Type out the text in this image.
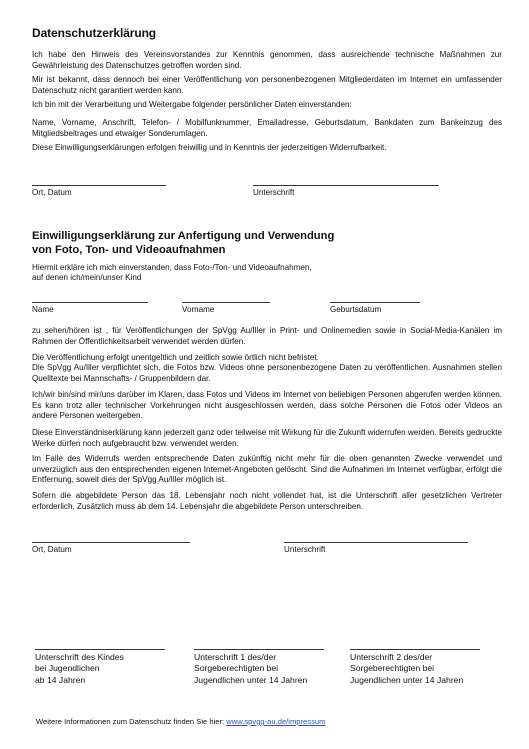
Datenschutzerklärung

Ich habe den Hinweis des Vereinsvorstandes zur Kenntnis genommen, dass ausreichende technische Maßnahmen zur Gewährleistung des Datenschutzes getroffen worden sind.

Mir ist bekannt, dass dennoch bei einer Veröffentlichung von personenbezogenen Mitgliederdaten im Internet ein umfassender Datenschutz nicht garantiert werden kann.

Ich bin mit der Verarbeitung und Weitergabe folgender persönlicher Daten einverstanden:

Name, Vorname, Anschrift, Telefon- / Mobilfunknummer, Emailadresse, Geburtsdatum, Bankdaten zum Bankeinzug des Mitgliedsbeitrages und etwaiger Sonderumlagen.

Diese Einwilligungserklärungen erfolgen freiwillig und in Kenntnis der jederzeitigen Widerrufbarkeit.

Ort, Datum	Unterschrift
Einwilligungserklärung zur Anfertigung und Verwendung
von Foto, Ton- und Videoaufnahmen

Hiermit erkläre ich mich einverstanden, dass Foto-/Ton- und Videoaufnahmen,

auf denen ich/mein/unser Kind

Name	Vorname	Geburtsdatum

zu sehen/hören ist , für Veröffentlichungen der SpVgg Au/Iller in Print- und Onlinemedien sowie in Social-Media-Kanälen im Rahmen der Öffentlichkeitsarbeit verwendet werden dürfen.

Die Veröffentlichung erfolgt unentgeltlich und zeitlich sowie örtlich nicht befristet.

Die SpVgg Au/Iller verpflichtet sich, die Fotos bzw. Videos ohne personenbezogene Daten zu veröffentlichen. Ausnahmen stellen Quelltexte bei Mannschafts- / Gruppenbildern dar.

Ich/wir bin/sind mir/uns darüber im Klaren, dass Fotos und Videos im Internet von beliebigen Personen abgerufen werden können. Es kann trotz aller technischer Vorkehrungen nicht ausgeschlossen werden, dass solche Personen die Fotos oder Videos an andere Personen weitergeben.

Diese Einverständniserklärung kann jederzeit ganz oder teilweise mit Wirkung für die Zukunft widerrufen werden. Bereits gedruckte Werke dürfen noch aufgebraucht bzw. verwendet werden.

Im Falle des Widerrufs werden entsprechende Daten zukünftig nicht mehr für die oben genannten Zwecke verwendet und unverzüglich aus den entsprechenden eigenen Internet-Angeboten gelöscht. Sind die Aufnahmen im Internet verfügbar, erfolgt die Entfernung, soweit dies der SpVgg Au/Iller möglich ist.

Sofern die abgebildete Person das 18. Lebensjahr noch nicht vollendet hat, ist die Unterschrift aller gesetzlichen Vertreter erforderlich. Zusätzlich muss ab dem 14. Lebensjahr die abgebildete Person unterschreiben.

Ort, Datum	Unterschrift
Unterschrift des Kindes
bei Jugendlichen
ab 14 Jahren
Unterschrift 1 des/der
Sorgeberechtigten bei
Jugendlichen unter 14 Jahren
Unterschrift 2 des/der
Sorgeberechtigten bei
Jugendlichen unter 14 Jahren
Weitere Informationen zum Datenschutz finden Sie hier: www.spvgg-au.de/impressum
